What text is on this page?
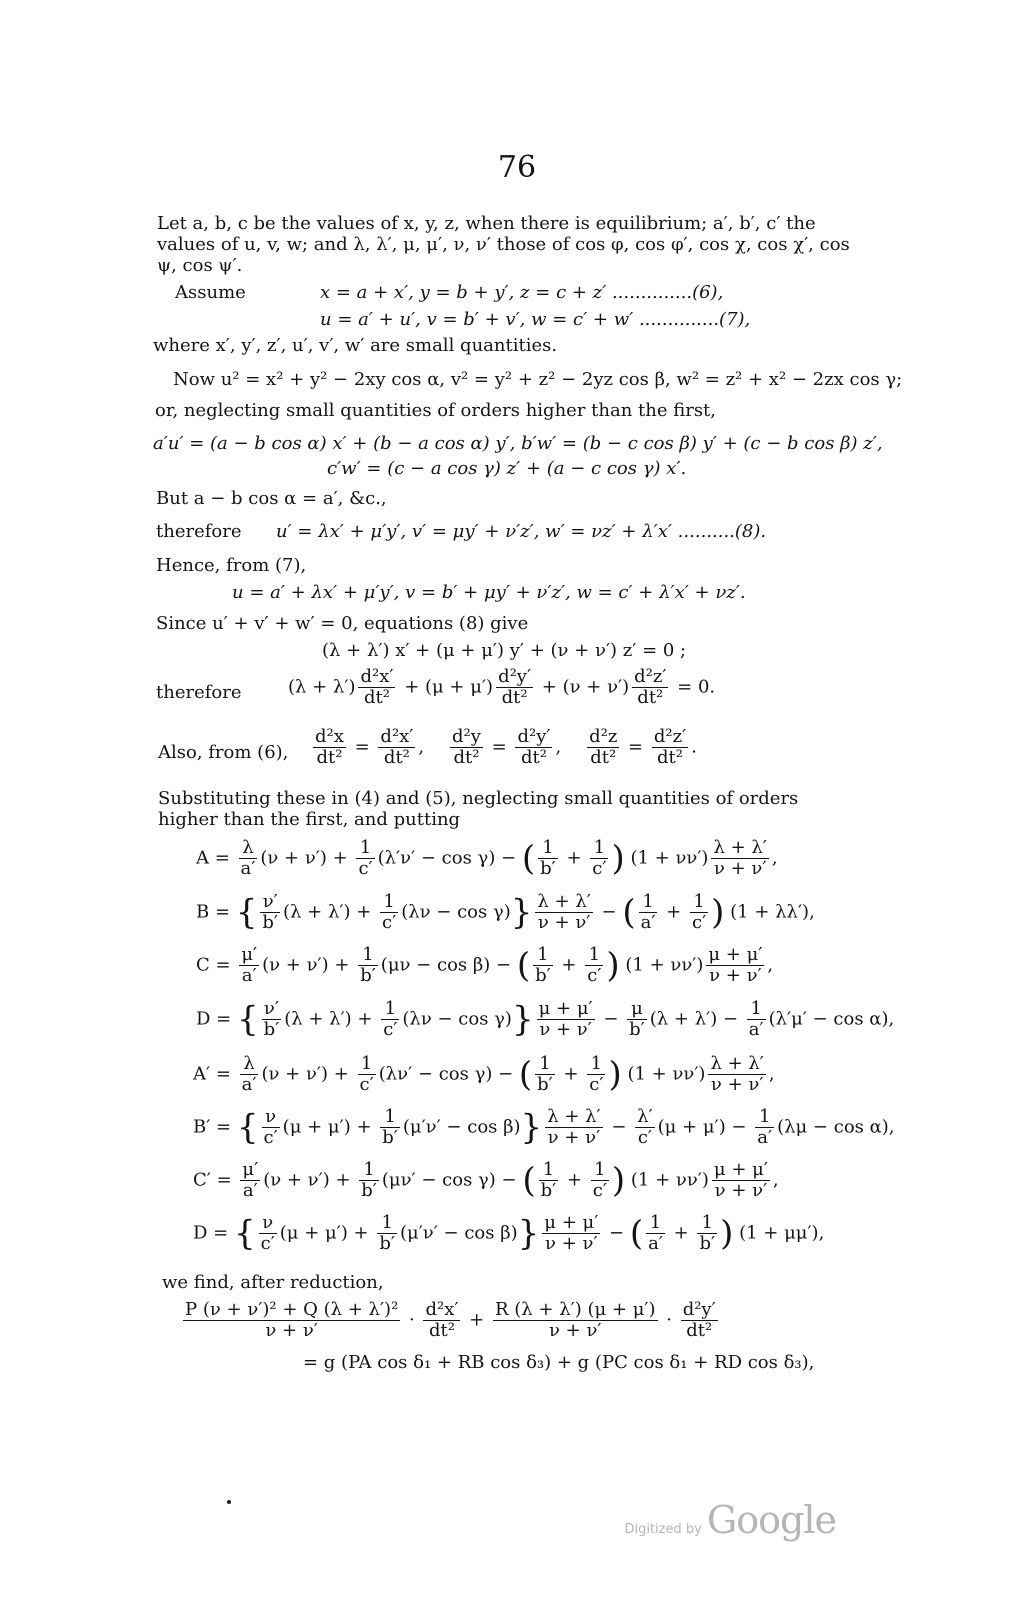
76
Let a, b, c be the values of x, y, z, when there is equilibrium; a′, b′, c′ the values of u, v, w; and λ, λ′, μ, μ′, ν, ν′ those of cos φ, cos φ′, cos χ, cos χ′, cos ψ, cos ψ′.
Assume	x = a + x′, y = b + y′, z = c + z′ ..............(6),
u = a′ + u′, v = b′ + v′, w = c′ + w′ ..............(7),
where x′, y′, z′, u′, v′, w′ are small quantities.
Now u² = x² + y² − 2xy cos α, v² = y² + z² − 2yz cos β, w² = z² + x² − 2zx cos γ;
or, neglecting small quantities of orders higher than the first,
a′u′ = (a − b cos α) x′ + (b − a cos α) y′, b′w′ = (b − c cos β) y′ + (c − b cos β) z′,
c′w′ = (c − a cos γ) z′ + (a − c cos γ) x′.
But a − b cos α = a′, &c.,
therefore u′ = λx′ + μ′y′, v′ = μy′ + ν′z′, w′ = νz′ + λ′x′ ..........(8).
Hence, from (7),
u = a′ + λx′ + μ′y′, v = b′ + μy′ + ν′z′, w = c′ + λ′x′ + νz′.
Since u′ + v′ + w′ = 0, equations (8) give
(λ + λ′) x′ + (μ + μ′) y′ + (ν + ν′) z′ = 0 ;
therefore	$(\lambda + \lambda') \frac{\text{d²x′}}{\text{dt²}} + (\mu + \mu') \frac{\text{d²y′}}{\text{dt²}} + (\nu + \nu') \frac{\text{d²z′}}{\text{dt²}} = 0$.
Also, from (6), $\frac{\text{d²x}}{\text{dt²}} = \frac{\text{d²x′}}{\text{dt²}}$ , $\frac{\text{d²y}}{\text{dt²}} = \frac{\text{d²y′}}{\text{dt²}}$ , $\frac{\text{d²z}}{\text{dt²}} = \frac{\text{d²z′}}{\text{dt²}}$ .
Substituting these in (4) and (5), neglecting small quantities of orders higher than the first, and putting
$A = \frac{\lambda}{a'} (\nu + \nu') + \frac{1}{c'} (\lambda'\nu' - \cos \gamma)$ − ( $\frac{1}{b'} + \frac{1}{c'}$ ) $(1 + \nu\nu') \frac{\lambda + \lambda'}{\nu + \nu'}$ ,
B = { $\frac{\nu'}{b'} (\lambda + \lambda') + \frac{1}{c'} (\lambda\nu - \cos \gamma)\} \frac{\lambda + \lambda'}{\nu + \nu'}$ − ( $\frac{1}{a'} + \frac{1}{c'}$ ) (1 + λλ′),
$C = \frac{\mu'}{a'} (\nu + \nu') + \frac{1}{b'} (\mu\nu - \cos \beta)$ − ( $\frac{1}{b'} + \frac{1}{c'}$ ) $(1 + \nu\nu') \frac{\mu + \mu'}{\nu + \nu'}$ ,
D = { $\frac{\nu'}{b'} (\lambda + \lambda') + \frac{1}{c'} (\lambda\nu - \cos \gamma)\} \frac{\mu + \mu'}{\nu + \nu'} - \frac{\mu}{b'} (\lambda + \lambda') - \frac{1}{a'} (\lambda'\mu' - \cos \alpha)$,
$A' = \frac{\lambda}{a'} (\nu + \nu') + \frac{1}{c'} (\lambda\nu' - \cos \gamma)$ − ( $\frac{1}{b'} + \frac{1}{c'}$ ) $(1 + \nu\nu') \frac{\lambda + \lambda'}{\nu + \nu'}$ ,
B′ = { $\frac{\nu}{c'} (\mu + \mu') + \frac{1}{b'} (\mu'\nu' - \cos \beta)\} \frac{\lambda + \lambda'}{\nu + \nu'} - \frac{\lambda'}{c'} (\mu + \mu') - \frac{1}{a'} (\lambda\mu - \cos \alpha)$,
$C' = \frac{\mu'}{a'} (\nu + \nu') + \frac{1}{b'} (\mu\nu' - \cos \gamma)$ − ( $\frac{1}{b'} + \frac{1}{c'}$ ) $(1 + \nu\nu') \frac{\mu + \mu'}{\nu + \nu'}$ ,
D = { $\frac{\nu}{c'} (\mu + \mu') + \frac{1}{b'} (\mu'\nu' - \cos \beta)\} \frac{\mu + \mu'}{\nu + \nu'}$ − ( $\frac{1}{a'} + \frac{1}{b'}$ ) (1 + μμ′),
we find, after reduction,
$\frac{\text{P (ν + ν′)² + Q (λ + λ′)²}}{\nu + \nu'} \cdot \frac{\text{d²x′}}{\text{dt²}} + \frac{R (\lambda + \lambda') (\mu + \mu')}{\nu + \nu'} \cdot \frac{\text{d²y′}}{\text{dt²}}$
= g (PA cos δ₁ + RB cos δ₃) + g (PC cos δ₁ + RD cos δ₃),
Digitized by Google
